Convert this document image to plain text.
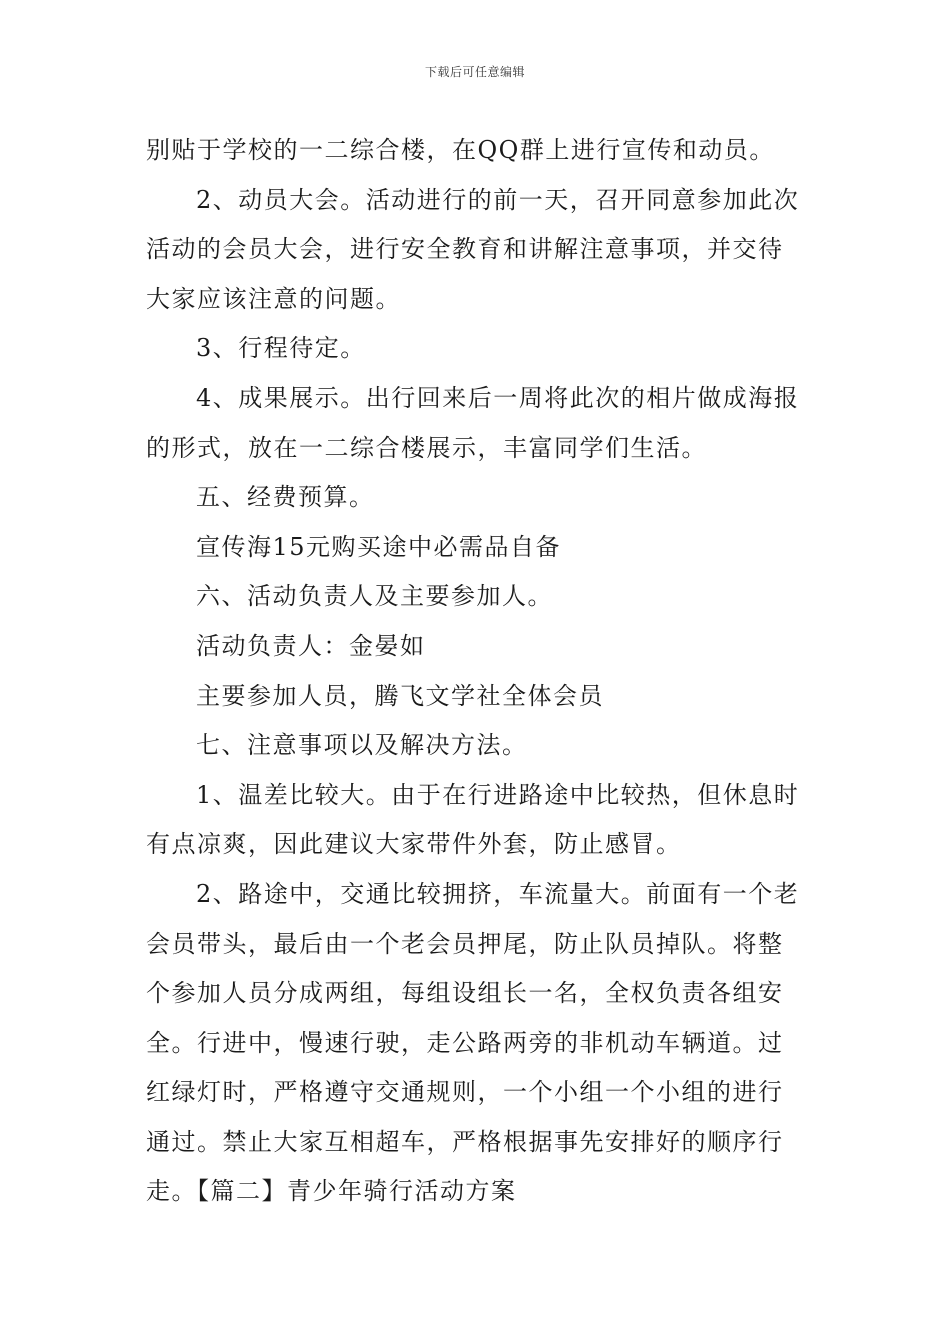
下载后可任意编辑
别贴于学校的一二综合楼，在QQ群上进行宣传和动员。
2、动员大会。活动进行的前一天，召开同意参加此次
活动的会员大会，进行安全教育和讲解注意事项，并交待
大家应该注意的问题。
3、行程待定。
4、成果展示。出行回来后一周将此次的相片做成海报
的形式，放在一二综合楼展示，丰富同学们生活。
五、经费预算。
宣传海15元购买途中必需品自备
六、活动负责人及主要参加人。
活动负责人：金晏如
主要参加人员，腾飞文学社全体会员
七、注意事项以及解决方法。
1、温差比较大。由于在行进路途中比较热，但休息时
有点凉爽，因此建议大家带件外套，防止感冒。
2、路途中，交通比较拥挤，车流量大。前面有一个老
会员带头，最后由一个老会员押尾，防止队员掉队。将整
个参加人员分成两组，每组设组长一名，全权负责各组安
全。行进中，慢速行驶，走公路两旁的非机动车辆道。过
红绿灯时，严格遵守交通规则，一个小组一个小组的进行
通过。禁止大家互相超车，严格根据事先安排好的顺序行
走。【篇二】青少年骑行活动方案
